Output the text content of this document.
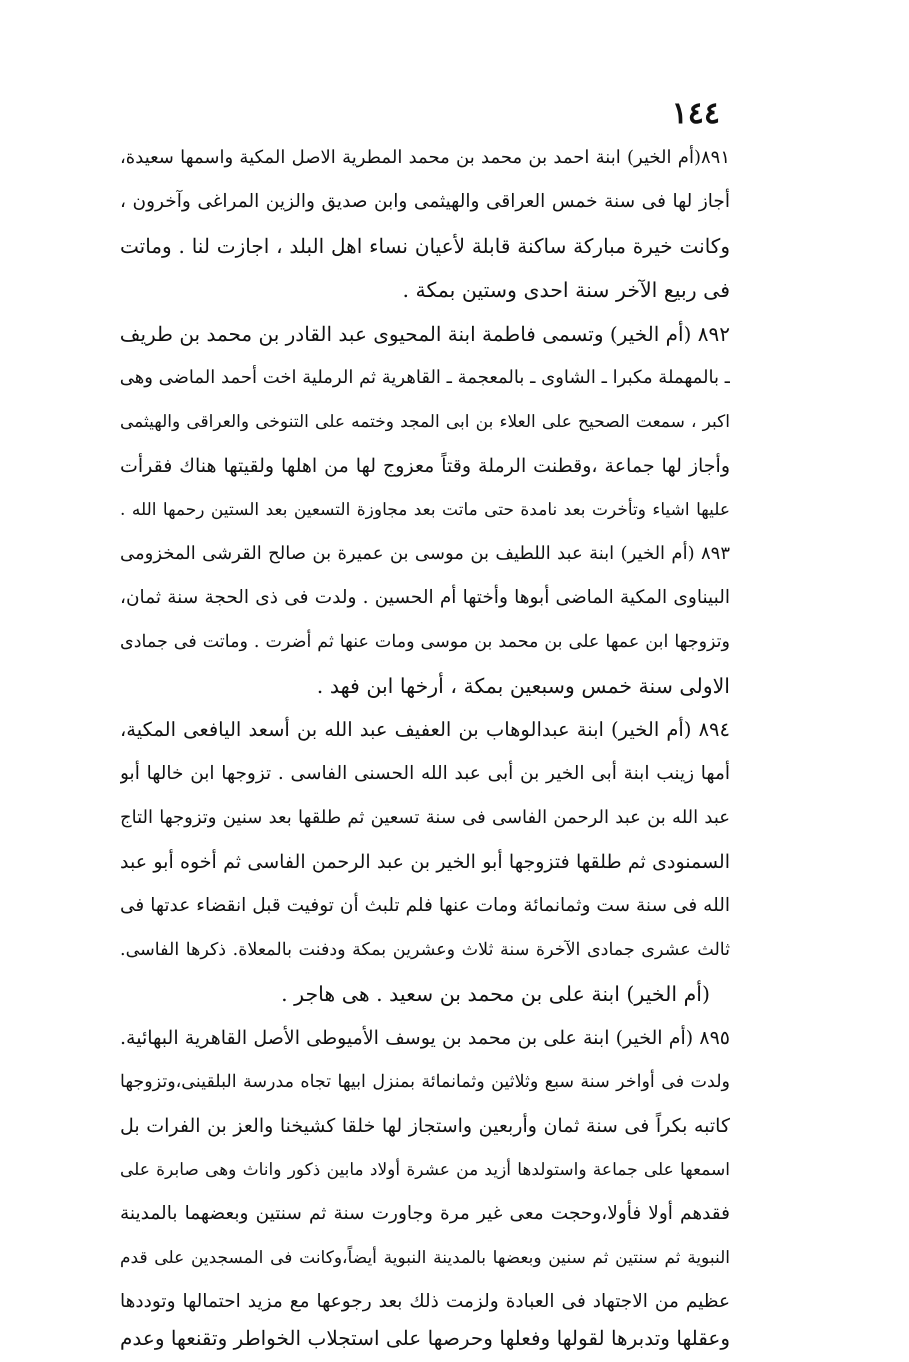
١٤٤
٨٩١(أم الخير) ابنة احمد بن محمد بن محمد المطرية الاصل المكية واسمها سعيدة،
أجاز لها فى سنة خمس العراقى والهيثمى وابن صديق والزين المراغى وآخرون ،
وكانت خيرة مباركة ساكنة قابلة لأعيان نساء اهل البلد ، اجازت لنا . وماتت
فى ربيع الآخر سنة احدى وستين بمكة .
٨٩٢ (أم الخير) وتسمى فاطمة ابنة المحيوى عبد القادر بن محمد بن طريف
ـ بالمهملة مكبرا ـ الشاوى ـ بالمعجمة ـ القاهرية ثم الرملية اخت أحمد الماضى وهى
اكبر ، سمعت الصحيح على العلاء بن ابى المجد وختمه على التنوخى والعراقى والهيثمى
وأجاز لها جماعة ،وقطنت الرملة وقتاً معزوج لها من اهلها ولقيتها هناك فقرأت
عليها اشياء وتأخرت بعد نامدة حتى ماتت بعد مجاوزة التسعين بعد الستين رحمها الله .
٨٩٣ (أم الخير) ابنة عبد اللطيف بن موسى بن عميرة بن صالح القرشى المخزومى
البيناوى المكية الماضى أبوها وأختها أم الحسين . ولدت فى ذى الحجة سنة ثمان،
وتزوجها ابن عمها على بن محمد بن موسى ومات عنها ثم أضرت . وماتت فى جمادى
الاولى سنة خمس وسبعين بمكة ، أرخها ابن فهد .
٨٩٤ (أم الخير) ابنة عبدالوهاب بن العفيف عبد الله بن أسعد اليافعى المكية،
أمها زينب ابنة أبى الخير بن أبى عبد الله الحسنى الفاسى . تزوجها ابن خالها أبو
عبد الله بن عبد الرحمن الفاسى فى سنة تسعين ثم طلقها بعد سنين وتزوجها التاج
السمنودى ثم طلقها فتزوجها أبو الخير بن عبد الرحمن الفاسى ثم أخوه أبو عبد
الله فى سنة ست وثمانمائة ومات عنها فلم تلبث أن توفيت قبل انقضاء عدتها فى
ثالث عشرى جمادى الآخرة سنة ثلاث وعشرين بمكة ودفنت بالمعلاة. ذكرها الفاسى.
(أم الخير) ابنة على بن محمد بن سعيد . هى هاجر .
٨٩٥ (أم الخير) ابنة على بن محمد بن يوسف الأميوطى الأصل القاهرية البهائية.
ولدت فى أواخر سنة سبع وثلاثين وثمانمائة بمنزل ابيها تجاه مدرسة البلقينى،وتزوجها
كاتبه بكراً فى سنة ثمان وأربعين واستجاز لها خلقا كشيخنا والعز بن الفرات بل
اسمعها على جماعة واستولدها أزيد من عشرة أولاد مابين ذكور واناث وهى صابرة على
فقدهم أولا فأولا،وحجت معى غير مرة وجاورت سنة ثم سنتين وبعضهما بالمدينة
النبوية ثم سنتين ثم سنين وبعضها بالمدينة النبوية أيضاً،وكانت فى المسجدين على قدم
عظيم من الاجتهاد فى العبادة ولزمت ذلك بعد رجوعها مع مزيد احتمالها وتوددها
وعقلها وتدبرها لقولها وفعلها وحرصها على استجلاب الخواطر وتقنعها وعدم
